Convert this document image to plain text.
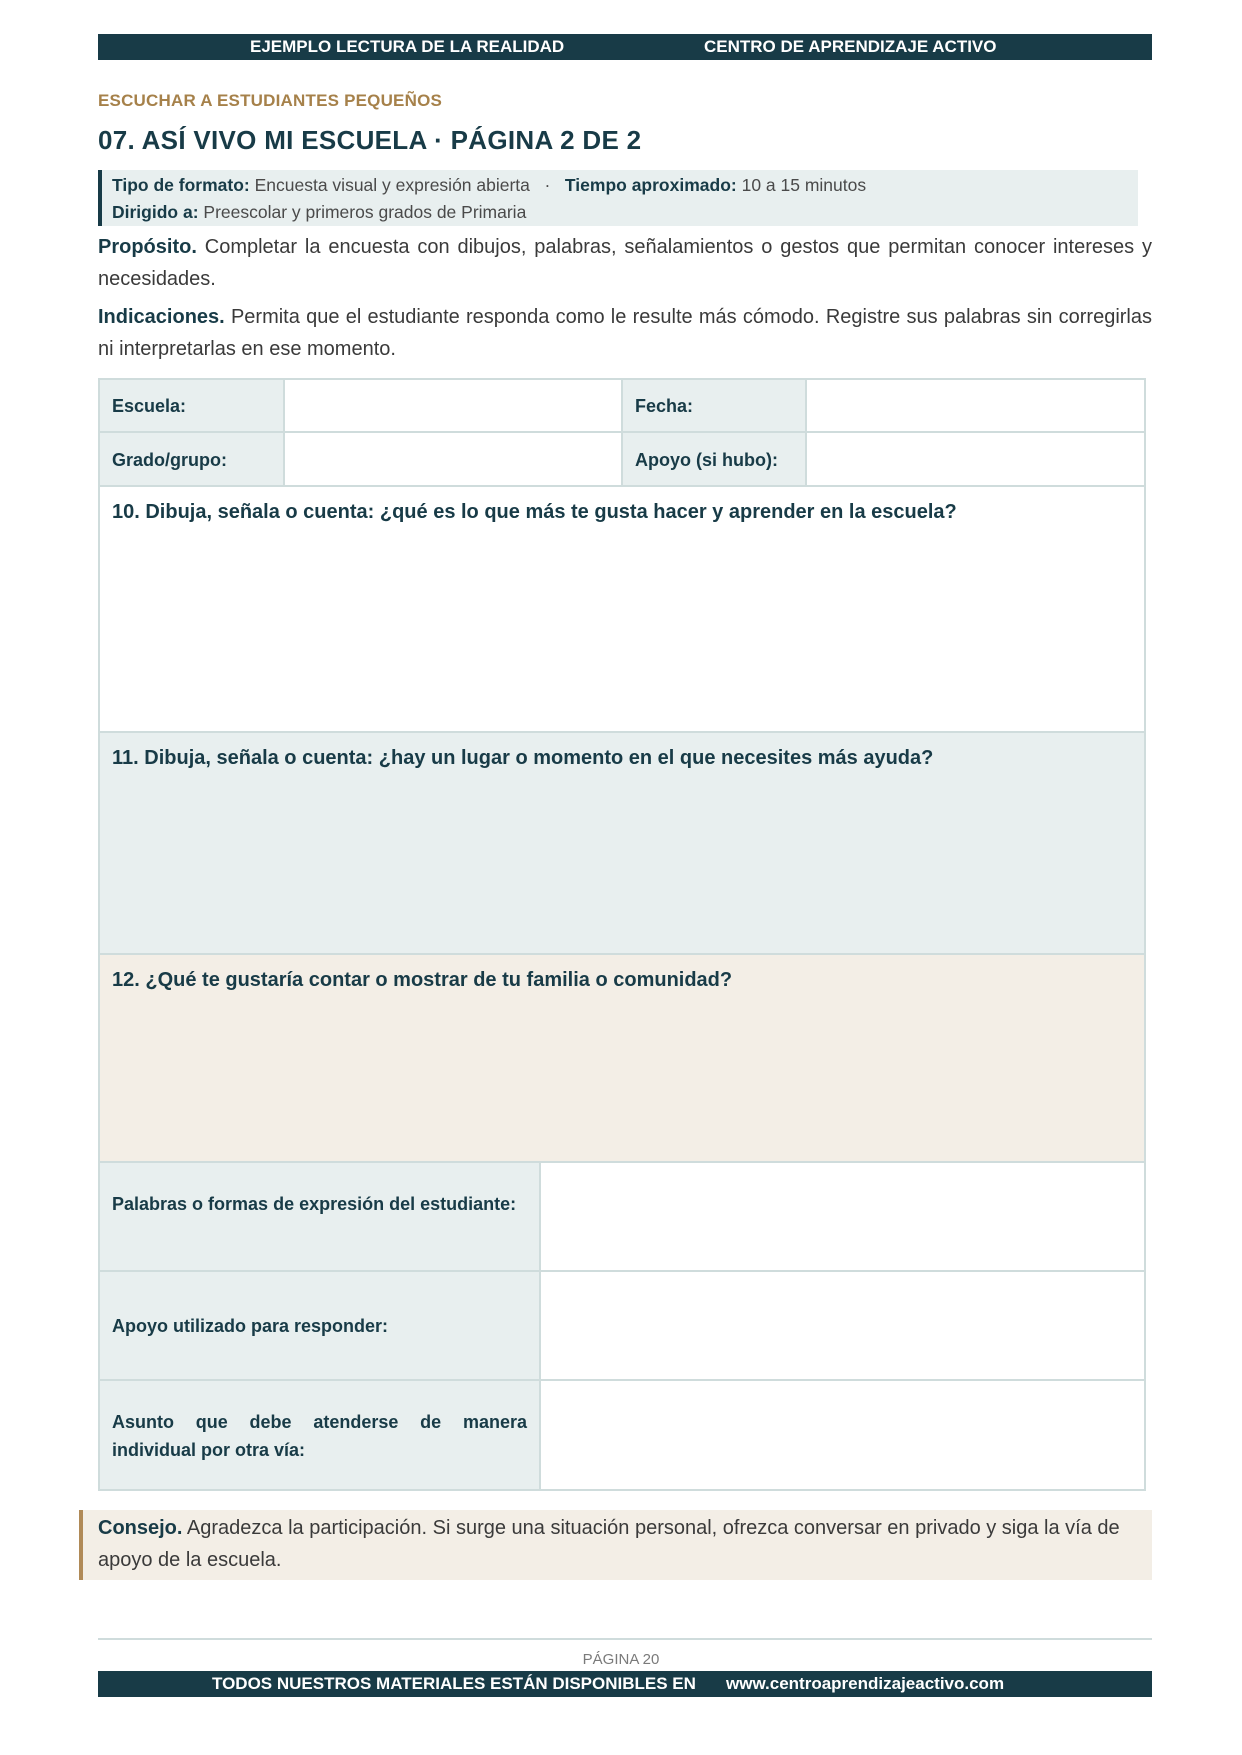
EJEMPLO LECTURA DE LA REALIDAD	CENTRO DE APRENDIZAJE ACTIVO
ESCUCHAR A ESTUDIANTES PEQUEÑOS
07. ASÍ VIVO MI ESCUELA · PÁGINA 2 DE 2
Tipo de formato: Encuesta visual y expresión abierta · Tiempo aproximado: 10 a 15 minutos
Dirigido a: Preescolar y primeros grados de Primaria
Propósito. Completar la encuesta con dibujos, palabras, señalamientos o gestos que permitan conocer intereses y necesidades.
Indicaciones. Permita que el estudiante responda como le resulte más cómodo. Registre sus palabras sin corregirlas ni interpretarlas en ese momento.
Escuela:	Fecha:
Grado/grupo:	Apoyo (si hubo):
10. Dibuja, señala o cuenta: ¿qué es lo que más te gusta hacer y aprender en la escuela?
11. Dibuja, señala o cuenta: ¿hay un lugar o momento en el que necesites más ayuda?
12. ¿Qué te gustaría contar o mostrar de tu familia o comunidad?
Palabras o formas de expresión del estudiante:
Apoyo utilizado para responder:
Asunto que debe atenderse de manera individual por otra vía:
Consejo. Agradezca la participación. Si surge una situación personal, ofrezca conversar en privado y siga la vía de apoyo de la escuela.
PÁGINA 20
TODOS NUESTROS MATERIALES ESTÁN DISPONIBLES EN www.centroaprendizajeactivo.com
